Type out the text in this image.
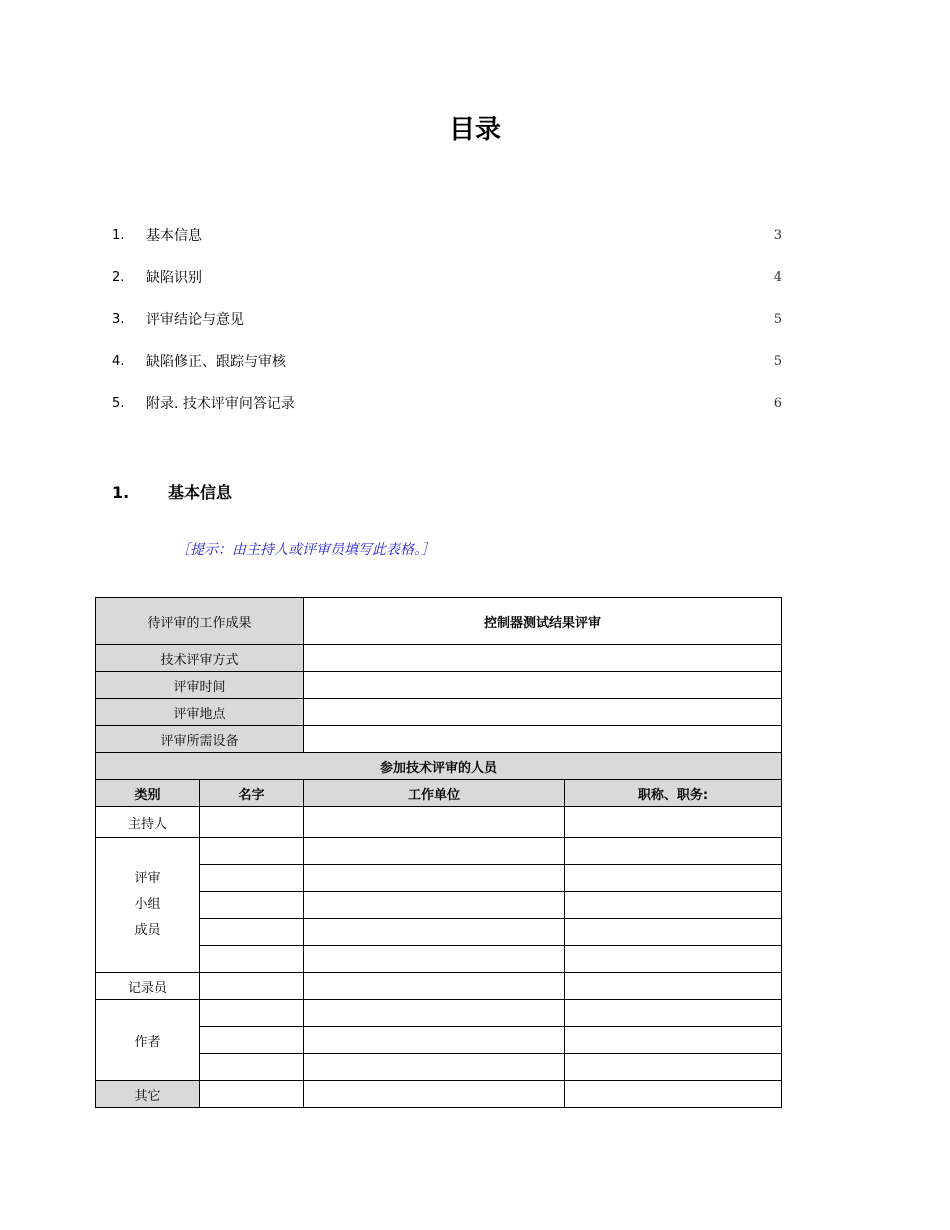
目录
1. 基本信息	3
2. 缺陷识别	4
3. 评审结论与意见	5
4. 缺陷修正、跟踪与审核	5
5. 附录. 技术评审问答记录	6
1. 基本信息
［提示：由主持人或评审员填写此表格。］
待评审的工作成果		控制器测试结果评审	
技术评审方式			
评审时间			
评审地点			
评审所需设备			
参加技术评审的人员			
类别	名字	工作单位	职称、职务:
主持人			

评审
小组
成员			

记录员			
作者			

其它			
